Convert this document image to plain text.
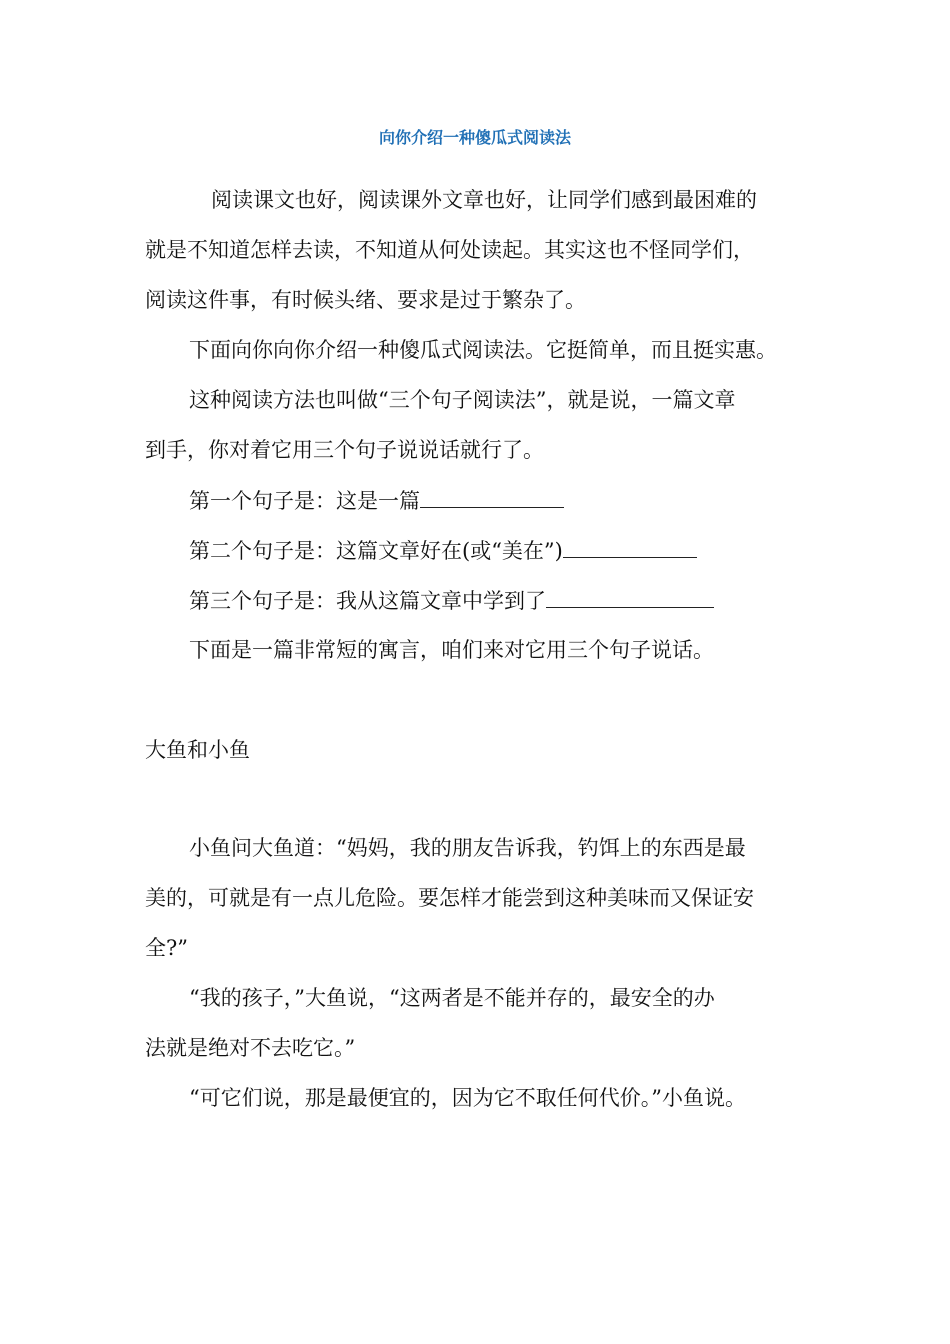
向你介绍一种傻瓜式阅读法
阅读课文也好，阅读课外文章也好，让同学们感到最困难的
就是不知道怎样去读，不知道从何处读起。其实这也不怪同学们，
阅读这件事，有时候头绪、要求是过于繁杂了。
下面向你向你介绍一种傻瓜式阅读法。它挺简单，而且挺实惠。
这种阅读方法也叫做“三个句子阅读法”，就是说，一篇文章
到手，你对着它用三个句子说说话就行了。
第一个句子是：这是一篇
第二个句子是：这篇文章好在(或“美在”)
第三个句子是：我从这篇文章中学到了
下面是一篇非常短的寓言，咱们来对它用三个句子说话。
大鱼和小鱼
小鱼问大鱼道：“妈妈，我的朋友告诉我，钓饵上的东西是最
美的，可就是有一点儿危险。要怎样才能尝到这种美味而又保证安
全?”
“我的孩子，”大鱼说，“这两者是不能并存的，最安全的办
法就是绝对不去吃它。”
“可它们说，那是最便宜的，因为它不取任何代价。”小鱼说。
